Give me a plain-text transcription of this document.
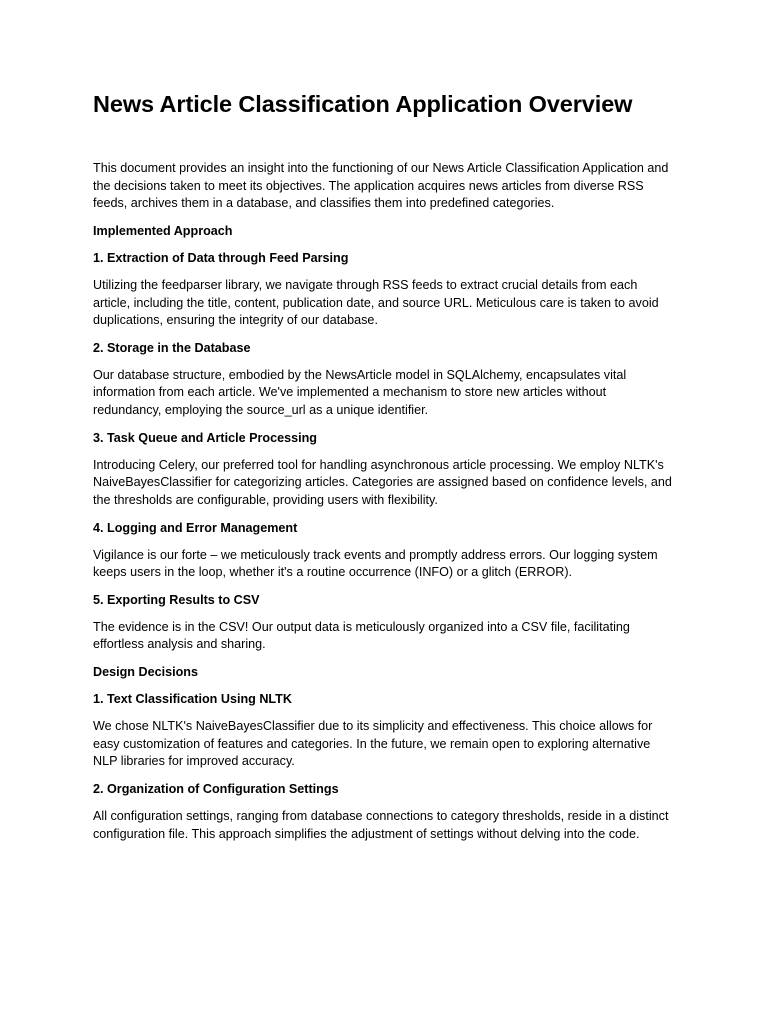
News Article Classification Application Overview

This document provides an insight into the functioning of our News Article Classification Application and the decisions taken to meet its objectives. The application acquires news articles from diverse RSS feeds, archives them in a database, and classifies them into predefined categories.

Implemented Approach

1. Extraction of Data through Feed Parsing

Utilizing the feedparser library, we navigate through RSS feeds to extract crucial details from each article, including the title, content, publication date, and source URL. Meticulous care is taken to avoid duplications, ensuring the integrity of our database.

2. Storage in the Database

Our database structure, embodied by the NewsArticle model in SQLAlchemy, encapsulates vital information from each article. We've implemented a mechanism to store new articles without redundancy, employing the source_url as a unique identifier.

3. Task Queue and Article Processing

Introducing Celery, our preferred tool for handling asynchronous article processing. We employ NLTK's NaiveBayesClassifier for categorizing articles. Categories are assigned based on confidence levels, and the thresholds are configurable, providing users with flexibility.

4. Logging and Error Management

Vigilance is our forte – we meticulously track events and promptly address errors. Our logging system keeps users in the loop, whether it's a routine occurrence (INFO) or a glitch (ERROR).

5. Exporting Results to CSV

The evidence is in the CSV! Our output data is meticulously organized into a CSV file, facilitating effortless analysis and sharing.

Design Decisions

1. Text Classification Using NLTK

We chose NLTK's NaiveBayesClassifier due to its simplicity and effectiveness. This choice allows for easy customization of features and categories. In the future, we remain open to exploring alternative NLP libraries for improved accuracy.

2. Organization of Configuration Settings

All configuration settings, ranging from database connections to category thresholds, reside in a distinct configuration file. This approach simplifies the adjustment of settings without delving into the code.
